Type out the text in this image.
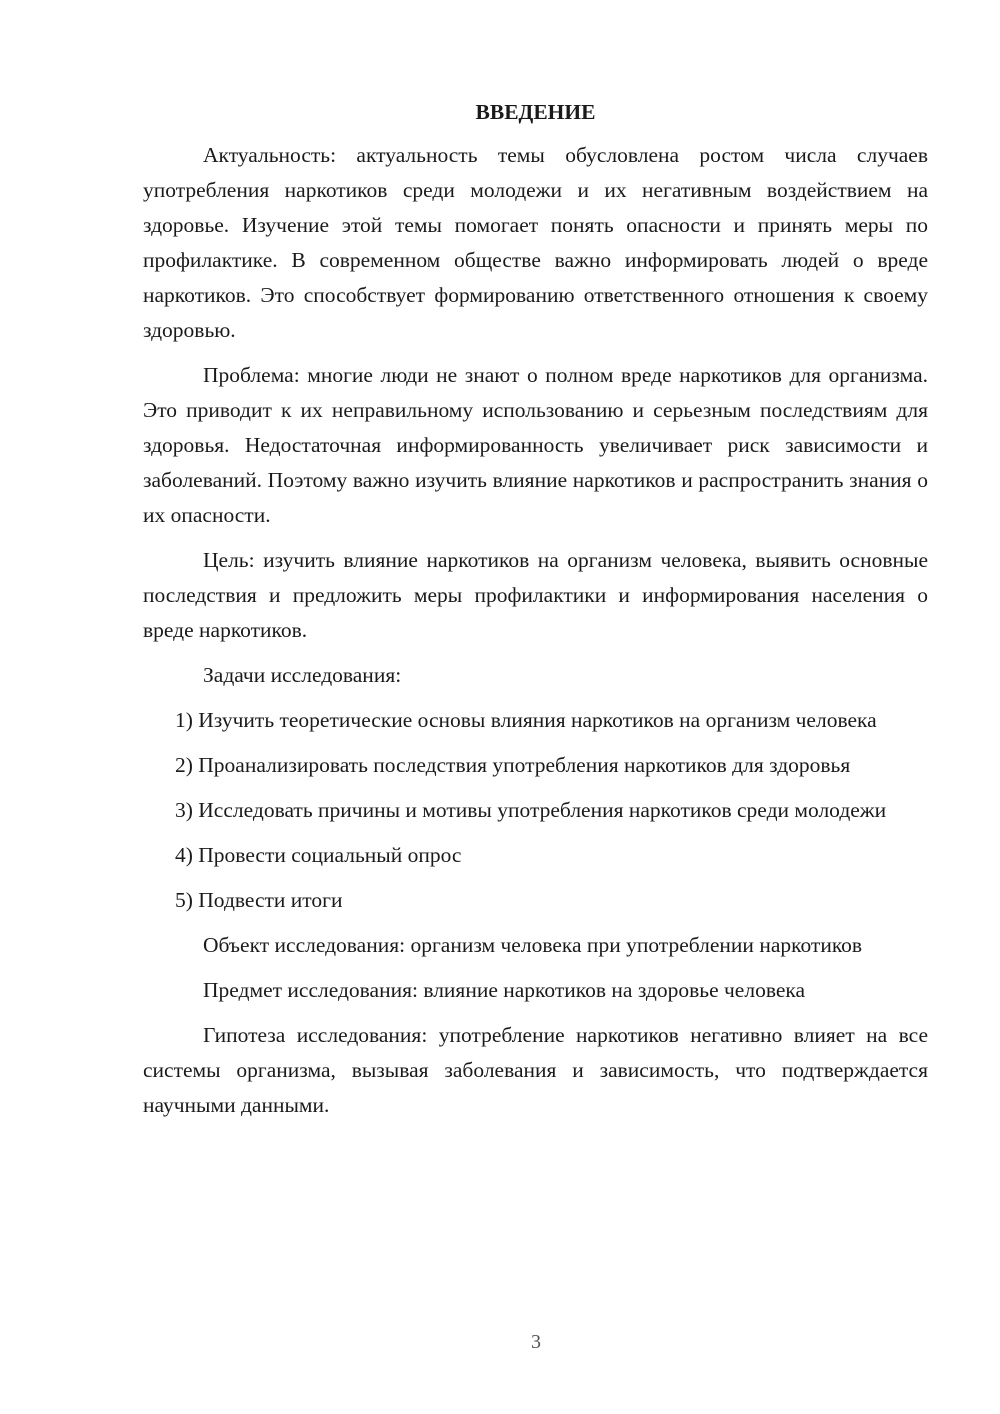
ВВЕДЕНИЕ

Актуальность: актуальность темы обусловлена ростом числа случаев употребления наркотиков среди молодежи и их негативным воздействием на здоровье. Изучение этой темы помогает понять опасности и принять меры по профилактике. В современном обществе важно информировать людей о вреде наркотиков. Это способствует формированию ответственного отношения к своему здоровью.

Проблема: многие люди не знают о полном вреде наркотиков для организма. Это приводит к их неправильному использованию и серьезным последствиям для здоровья. Недостаточная информированность увеличивает риск зависимости и заболеваний. Поэтому важно изучить влияние наркотиков и распространить знания о их опасности.

Цель: изучить влияние наркотиков на организм человека, выявить основные последствия и предложить меры профилактики и информирования населения о вреде наркотиков.

Задачи исследования:

1) Изучить теоретические основы влияния наркотиков на организм человека

2) Проанализировать последствия употребления наркотиков для здоровья

3) Исследовать причины и мотивы употребления наркотиков среди молодежи

4) Провести социальный опрос

5) Подвести итоги

Объект исследования: организм человека при употреблении наркотиков

Предмет исследования: влияние наркотиков на здоровье человека

Гипотеза исследования: употребление наркотиков негативно влияет на все системы организма, вызывая заболевания и зависимость, что подтверждается научными данными.

3
